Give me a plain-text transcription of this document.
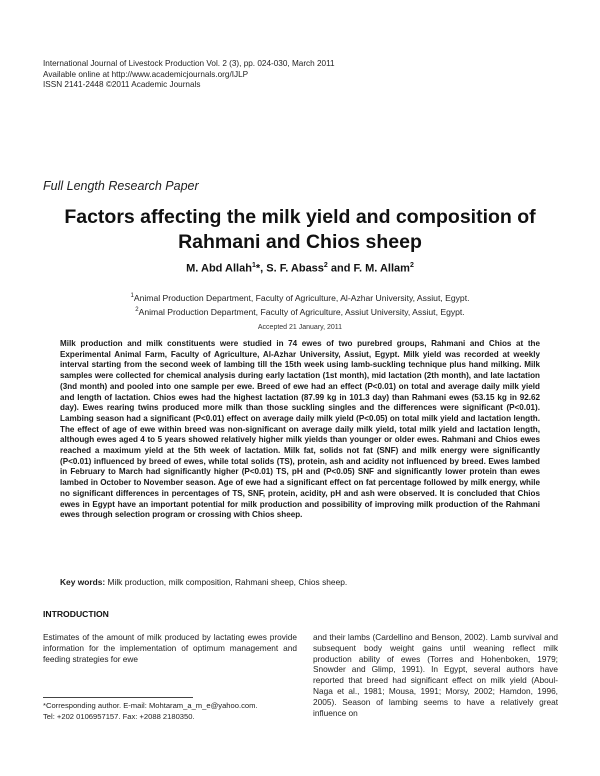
International Journal of Livestock Production Vol. 2 (3), pp. 024-030, March 2011
Available online at http://www.academicjournals.org/IJLP
ISSN 2141-2448 ©2011 Academic Journals
Full Length Research Paper
Factors affecting the milk yield and composition of Rahmani and Chios sheep
M. Abd Allah$^1$*, S. F. Abass$^2$ and F. M. Allam$^2$
$^1$Animal Production Department, Faculty of Agriculture, Al-Azhar University, Assiut, Egypt.
$^2$Animal Production Department, Faculty of Agriculture, Assiut University, Assiut, Egypt.
Accepted 21 January, 2011
Milk production and milk constituents were studied in 74 ewes of two purebred groups, Rahmani and Chios at the Experimental Animal Farm, Faculty of Agriculture, Al-Azhar University, Assiut, Egypt. Milk yield was recorded at weekly interval starting from the second week of lambing till the 15th week using lamb-suckling technique plus hand milking. Milk samples were collected for chemical analysis during early lactation (1st month), mid lactation (2th month), and late lactation (3nd month) and pooled into one sample per ewe. Breed of ewe had an effect (P<0.01) on total and average daily milk yield and length of lactation. Chios ewes had the highest lactation (87.99 kg in 101.3 day) than Rahmani ewes (53.15 kg in 92.62 day). Ewes rearing twins produced more milk than those suckling singles and the differences were significant (P<0.01). Lambing season had a significant (P<0.01) effect on average daily milk yield (P<0.05) on total milk yield and lactation length. The effect of age of ewe within breed was non-significant on average daily milk yield, total milk yield and lactation length, although ewes aged 4 to 5 years showed relatively higher milk yields than younger or older ewes. Rahmani and Chios ewes reached a maximum yield at the 5th week of lactation. Milk fat, solids not fat (SNF) and milk energy were significantly (P<0.01) influenced by breed of ewes, while total solids (TS), protein, ash and acidity not influenced by breed. Ewes lambed in February to March had significantly higher (P<0.01) TS, pH and (P<0.05) SNF and significantly lower protein than ewes lambed in October to November season. Age of ewe had a significant effect on fat percentage followed by milk energy, while no significant differences in percentages of TS, SNF, protein, acidity, pH and ash were observed. It is concluded that Chios ewes in Egypt have an important potential for milk production and possibility of improving milk production of the Rahmani ewes through selection program or crossing with Chios sheep.
Key words: Milk production, milk composition, Rahmani sheep, Chios sheep.
INTRODUCTION
Estimates of the amount of milk produced by lactating ewes provide information for the implementation of optimum management and feeding strategies for ewe
and their lambs (Cardellino and Benson, 2002). Lamb survival and subsequent body weight gains until weaning reflect milk production ability of ewes (Torres and Hohenboken, 1979; Snowder and Glimp, 1991). In Egypt, several authors have reported that breed had significant effect on milk yield (Aboul-Naga et al., 1981; Mousa, 1991; Morsy, 2002; Hamdon, 1996, 2005). Season of lambing seems to have a relatively great influence on
*Corresponding author. E-mail: Mohtaram_a_m_e@yahoo.com.
Tel: +202 0106957157. Fax: +2088 2180350.
